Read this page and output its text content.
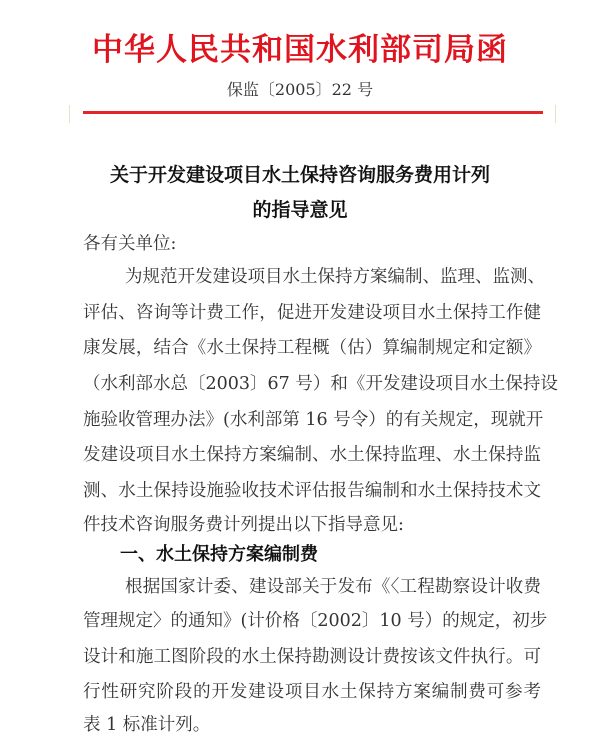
中华人民共和国水利部司局函
保监〔2005〕22 号
关于开发建设项目水土保持咨询服务费用计列
的指导意见
各有关单位:
为规范开发建设项目水土保持方案编制、监理、监测、
评估、咨询等计费工作，促进开发建设项目水土保持工作健
康发展，结合《水土保持工程概（估）算编制规定和定额》
（水利部水总〔2003〕67 号）和《开发建设项目水土保持设
施验收管理办法》(水利部第 16 号令）的有关规定，现就开
发建设项目水土保持方案编制、水土保持监理、水土保持监
测、水土保持设施验收技术评估报告编制和水土保持技术文
件技术咨询服务费计列提出以下指导意见:
一、水土保持方案编制费
根据国家计委、建设部关于发布《〈工程勘察设计收费
管理规定〉的通知》(计价格〔2002〕10 号）的规定，初步
设计和施工图阶段的水土保持勘测设计费按该文件执行。可
行性研究阶段的开发建设项目水土保持方案编制费可参考
表 1 标准计列。
